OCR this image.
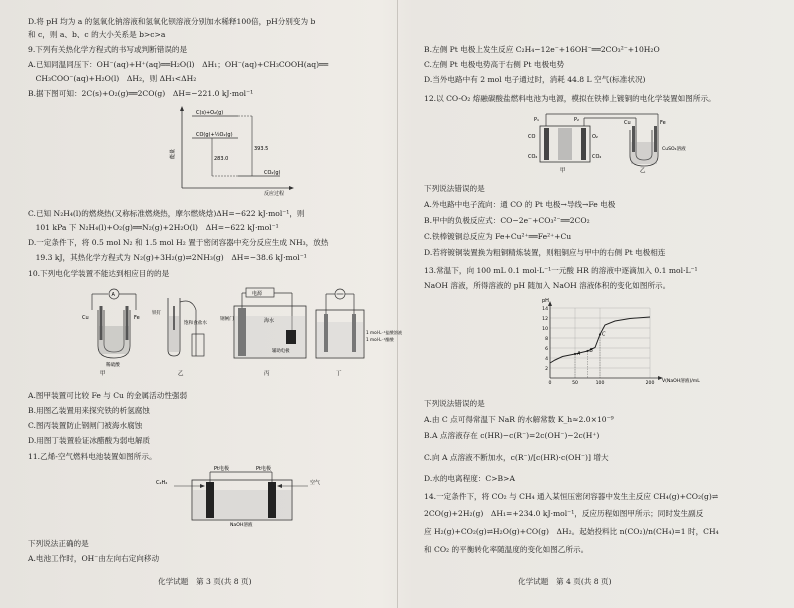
D.将 pH 均为 a 的氢氧化钠溶液和氢氧化钡溶液分别加水稀释100倍，pH分别变为 b
和 c，则 a、b、c 的大小关系是 b>c>a
9.下列有关热化学方程式的书写或判断错误的是
A.已知同温同压下：OH⁻(aq)+H⁺(aq)══H₂O(l)　ΔH₁；OH⁻(aq)+CH₃COOH(aq)══
　CH₃COO⁻(aq)+H₂O(l)　ΔH₂，则 ΔH₁<ΔH₂
B.据下图可知：2C(s)+O₂(g)══2CO(g)　ΔH=−221.0 kJ·mol⁻¹
能量
C(s)+O₂(g)
CO(g)+½O₂(g)
CO₂(g)
283.0
393.5
反应过程
C.已知 N₂H₄(l)的燃烧热(又称标准燃烧热，摩尔燃烧焓)ΔH=−622 kJ·mol⁻¹，则
　101 kPa 下 N₂H₄(l)+O₂(g)══N₂(g)+2H₂O(l)　ΔH=−622 kJ·mol⁻¹
D.一定条件下，将 0.5 mol N₂ 和 1.5 mol H₂ 置于密闭容器中充分反应生成 NH₃，放热
　19.3 kJ，其热化学方程式为 N₂(g)+3H₂(g)⇌2NH₃(g)　ΔH=−38.6 kJ·mol⁻¹
10.下列电化学装置不能达到相应目的的是
A
Cu	Fe
稀硫酸
甲
饱和食盐水
铁钉
乙
电源
海水
钢闸门
辅助电极
丙
1 mol·L⁻¹盐酸溶液
1 mol·L⁻¹醋酸
丁
A.图甲装置可比较 Fe 与 Cu 的金属活动性强弱
B.用图乙装置用来探究铁的析氢腐蚀
C.图丙装置防止钢闸门被海水腐蚀
D.用图丁装置验证冰醋酸为弱电解质
11.乙烯-空气燃料电池装置如图所示。
Pt电极	Pt电极
C₂H₄	空气
NaOH溶液
下列说法正确的是
A.电池工作时，OH⁻由左向右定向移动
化学试题　第 3 页(共 8 页)
B.左侧 Pt 电极上发生反应 C₂H₄−12e⁻+16OH⁻══2CO₃²⁻+10H₂O
C.左侧 Pt 电极电势高于右侧 Pt 电极电势
D.当外电路中有 2 mol 电子通过时，消耗 44.8 L 空气(标准状况)
12.以 CO-O₂ 熔融碳酸盐燃料电池为电源，模拟在铁棒上镀铜的电化学装置如图所示。
P₁	P₂
CO	O₂
CO₂	CO₂
Cu	Fe
CuSO₄溶液
甲	乙
下列说法错误的是
A.外电路中电子流向：通 CO 的 Pt 电极→导线→Fe 电极
B.甲中的负极反应式：CO−2e⁻+CO₃²⁻══2CO₂
C.铁棒镀铜总反应为 Fe+Cu²⁺══Fe²⁺+Cu
D.若将镀铜装置换为粗铜精炼装置，则粗铜应与甲中的右侧 Pt 电极相连
13.常温下，向 100 mL 0.1 mol·L⁻¹一元酸 HR 的溶液中逐滴加入 0.1 mol·L⁻¹
NaOH 溶液，所得溶液的 pH 随加入 NaOH 溶液体积的变化如图所示。
pH
V(NaOH溶液)/mL
2
4
6
8
10
12
14
0	50	100	200
A B
C
下列说法错误的是
A.由 C 点可得常温下 NaR 的水解常数 K_h≈2.0×10⁻⁹
B.A 点溶液存在 c(HR)−c(R⁻)=2c(OH⁻)−2c(H⁺)
C.向 A 点溶液不断加水，c(R⁻)/[c(HR)·c(OH⁻)] 增大
D.水的电离程度：C>B>A
14.一定条件下，将 CO₂ 与 CH₄ 通入某恒压密闭容器中发生主反应 CH₄(g)+CO₂(g)⇌
2CO(g)+2H₂(g)　ΔH₁=+234.0 kJ·mol⁻¹，反应历程如图甲所示；同时发生副反
应 H₂(g)+CO₂(g)⇌H₂O(g)+CO(g)　ΔH₂。起始投料比 n(CO₂)/n(CH₄)=1 时，CH₄
和 CO₂ 的平衡转化率随温度的变化如图乙所示。
化学试题　第 4 页(共 8 页)
